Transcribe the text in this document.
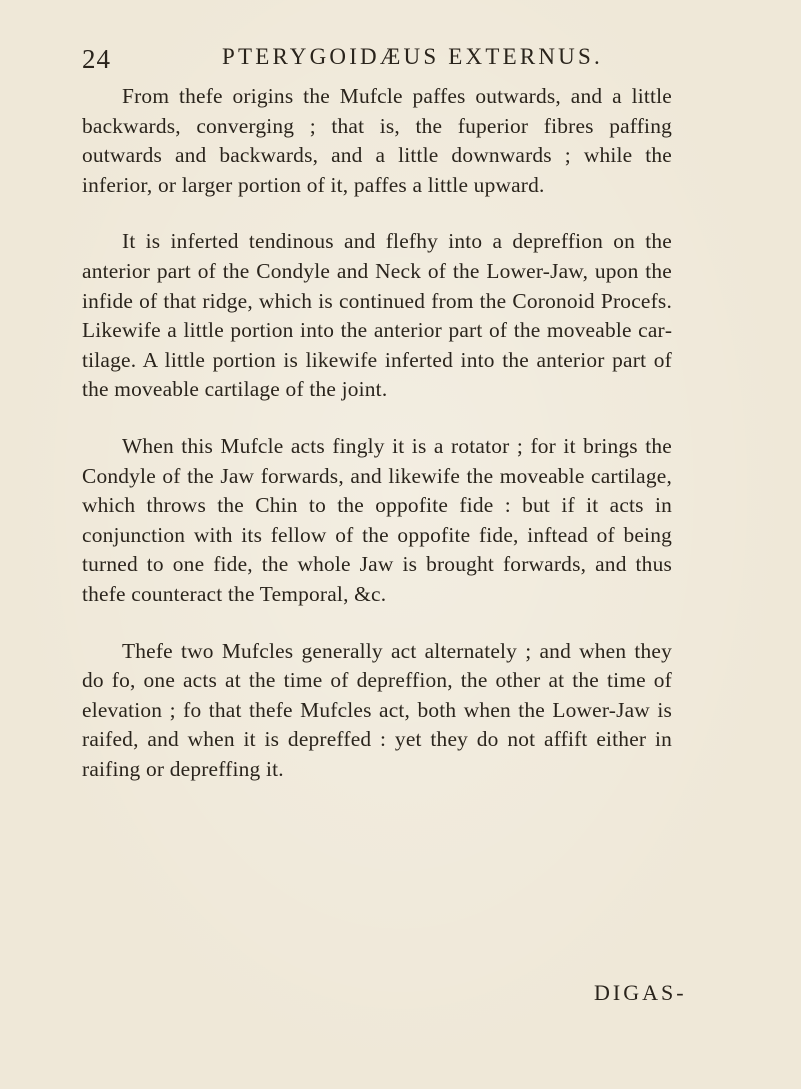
24	PTERYGOIDÆUS EXTERNUS.

From thefe origins the Mufcle paffes outwards, and a little backwards, converging ; that is, the fuperior fibres paffing outwards and backwards, and a little downwards ; while the inferior, or larger portion of it, paffes a little upward.

It is inferted tendinous and flefhy into a depreffion on the anterior part of the Condyle and Neck of the Lower-Jaw, upon the infide of that ridge, which is continued from the Coronoid Procefs. Likewife a little portion into the anterior part of the moveable cartilage. A little portion is likewife inferted into the anterior part of the moveable cartilage of the joint.

When this Mufcle acts fingly it is a rotator ; for it brings the Condyle of the Jaw forwards, and likewife the moveable cartilage, which throws the Chin to the oppofite fide : but if it acts in conjunction with its fellow of the oppofite fide, inftead of being turned to one fide, the whole Jaw is brought forwards, and thus thefe counteract the Temporal, &c.

Thefe two Mufcles generally act alternately ; and when they do fo, one acts at the time of depreffion, the other at the time of elevation ; fo that thefe Mufcles act, both when the Lower-Jaw is raifed, and when it is depreffed : yet they do not affift either in raifing or depreffing it.

DIGAS-
